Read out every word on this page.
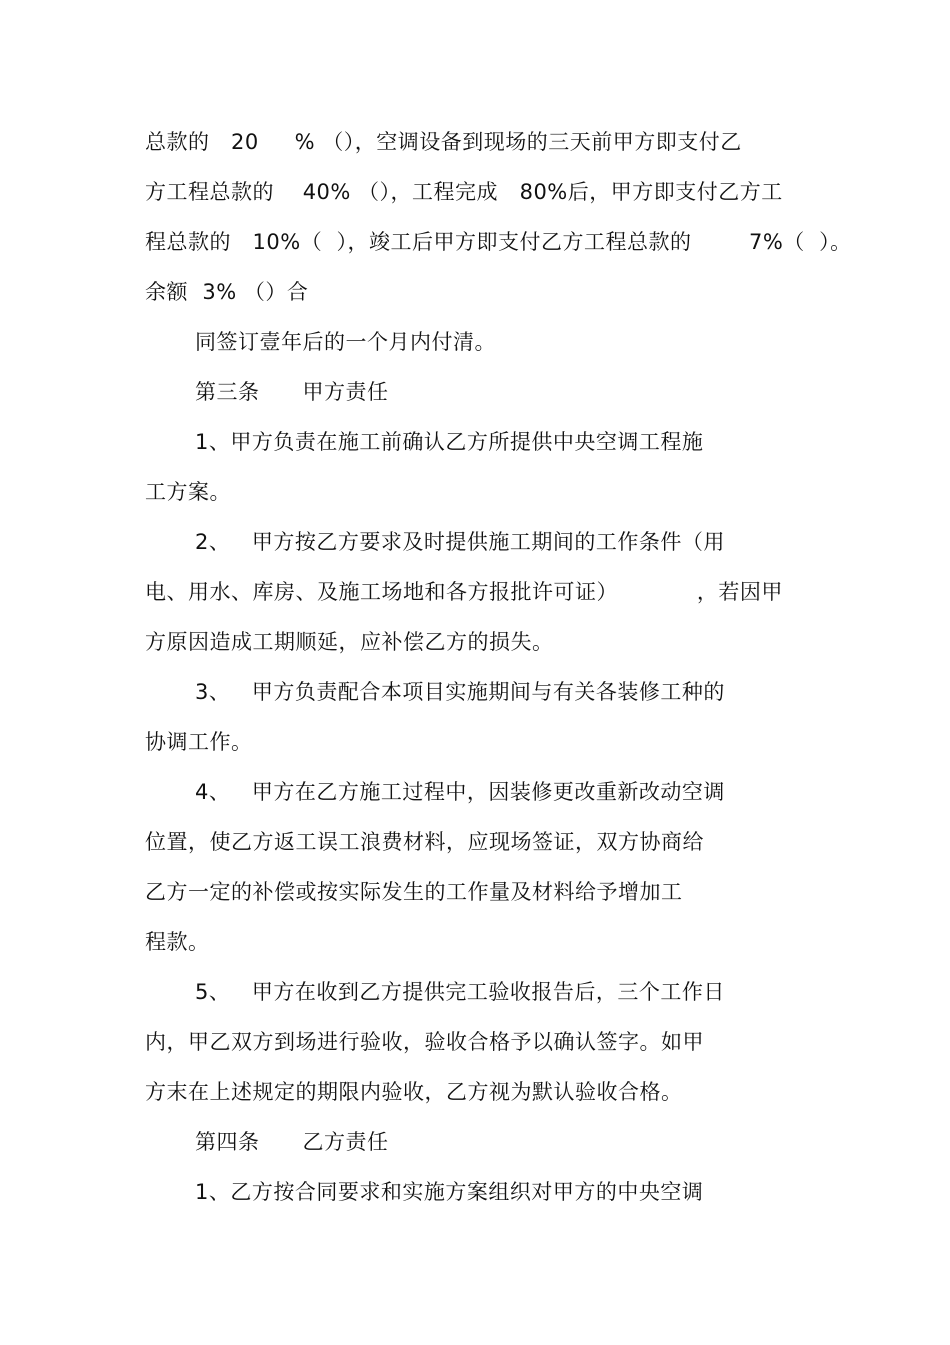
总款的   20     % （），空调设备到现场的三天前甲方即支付乙
方工程总款的    40% （），工程完成   80%后，甲方即支付乙方工
程总款的   10%（  ），竣工后甲方即支付乙方工程总款的        7%（  ）。
余额  3% （）合
同签订壹年后的一个月内付清。
第三条      甲方责任
1、甲方负责在施工前确认乙方所提供中央空调工程施
工方案。
2、   甲方按乙方要求及时提供施工期间的工作条件（用
电、用水、库房、及施工场地和各方报批许可证）           ，若因甲
方原因造成工期顺延，应补偿乙方的损失。
3、   甲方负责配合本项目实施期间与有关各装修工种的
协调工作。
4、   甲方在乙方施工过程中，因装修更改重新改动空调
位置，使乙方返工误工浪费材料，应现场签证，双方协商给
乙方一定的补偿或按实际发生的工作量及材料给予增加工
程款。
5、   甲方在收到乙方提供完工验收报告后，三个工作日
内，甲乙双方到场进行验收，验收合格予以确认签字。如甲
方末在上述规定的期限内验收，乙方视为默认验收合格。
第四条      乙方责任
1、乙方按合同要求和实施方案组织对甲方的中央空调
